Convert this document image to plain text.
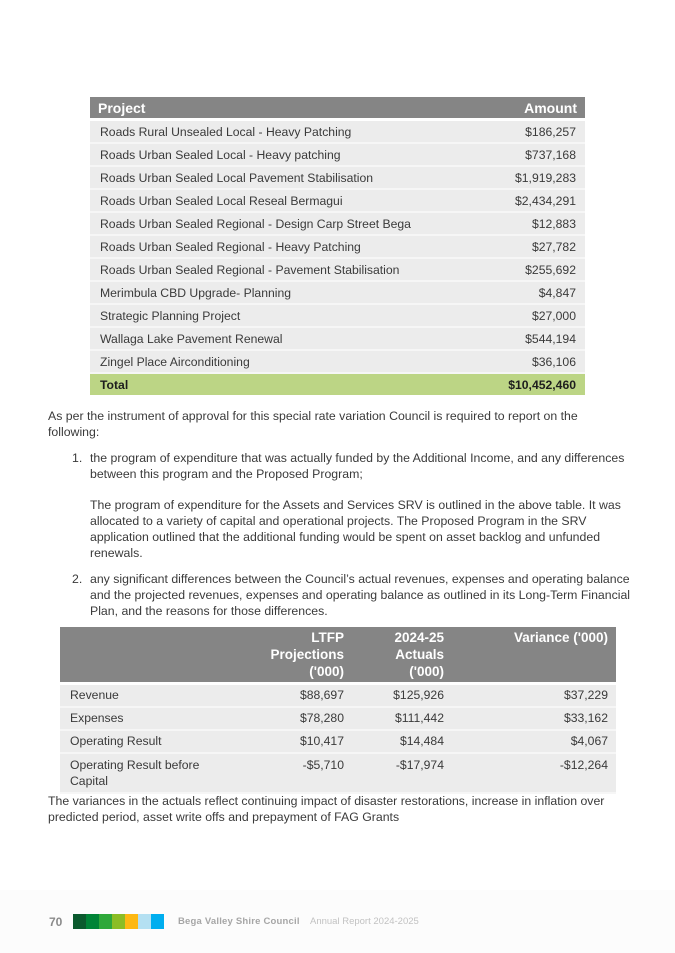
Project	Amount
Roads Rural Unsealed Local - Heavy Patching	$186,257
Roads Urban Sealed Local - Heavy patching	$737,168
Roads Urban Sealed Local Pavement Stabilisation	$1,919,283
Roads Urban Sealed Local Reseal Bermagui	$2,434,291
Roads Urban Sealed Regional - Design Carp Street Bega	$12,883
Roads Urban Sealed Regional - Heavy Patching	$27,782
Roads Urban Sealed Regional - Pavement Stabilisation	$255,692
Merimbula CBD Upgrade- Planning	$4,847
Strategic Planning Project	$27,000
Wallaga Lake Pavement Renewal	$544,194
Zingel Place Airconditioning	$36,106
Total	$10,452,460

As per the instrument of approval for this special rate variation Council is required to report on the following:

1. the program of expenditure that was actually funded by the Additional Income, and any differences between this program and the Proposed Program;
The program of expenditure for the Assets and Services SRV is outlined in the above table. It was allocated to a variety of capital and operational projects. The Proposed Program in the SRV application outlined that the additional funding would be spent on asset backlog and unfunded renewals.
2. any significant differences between the Council’s actual revenues, expenses and operating balance and the projected revenues, expenses and operating balance as outlined in its Long-Term Financial Plan, and the reasons for those differences.
	LTFP Projections ('000)	2024-25 Actuals ('000)	Variance ('000)
Revenue	$88,697	$125,926	$37,229
Expenses	$78,280	$111,442	$33,162
Operating Result	$10,417	$14,484	$4,067
Operating Result before Capital	-$5,710	-$17,974	-$12,264

The variances in the actuals reflect continuing impact of disaster restorations, increase in inflation over predicted period, asset write offs and prepayment of FAG Grants

70	Bega Valley Shire Council Annual Report 2024-2025
